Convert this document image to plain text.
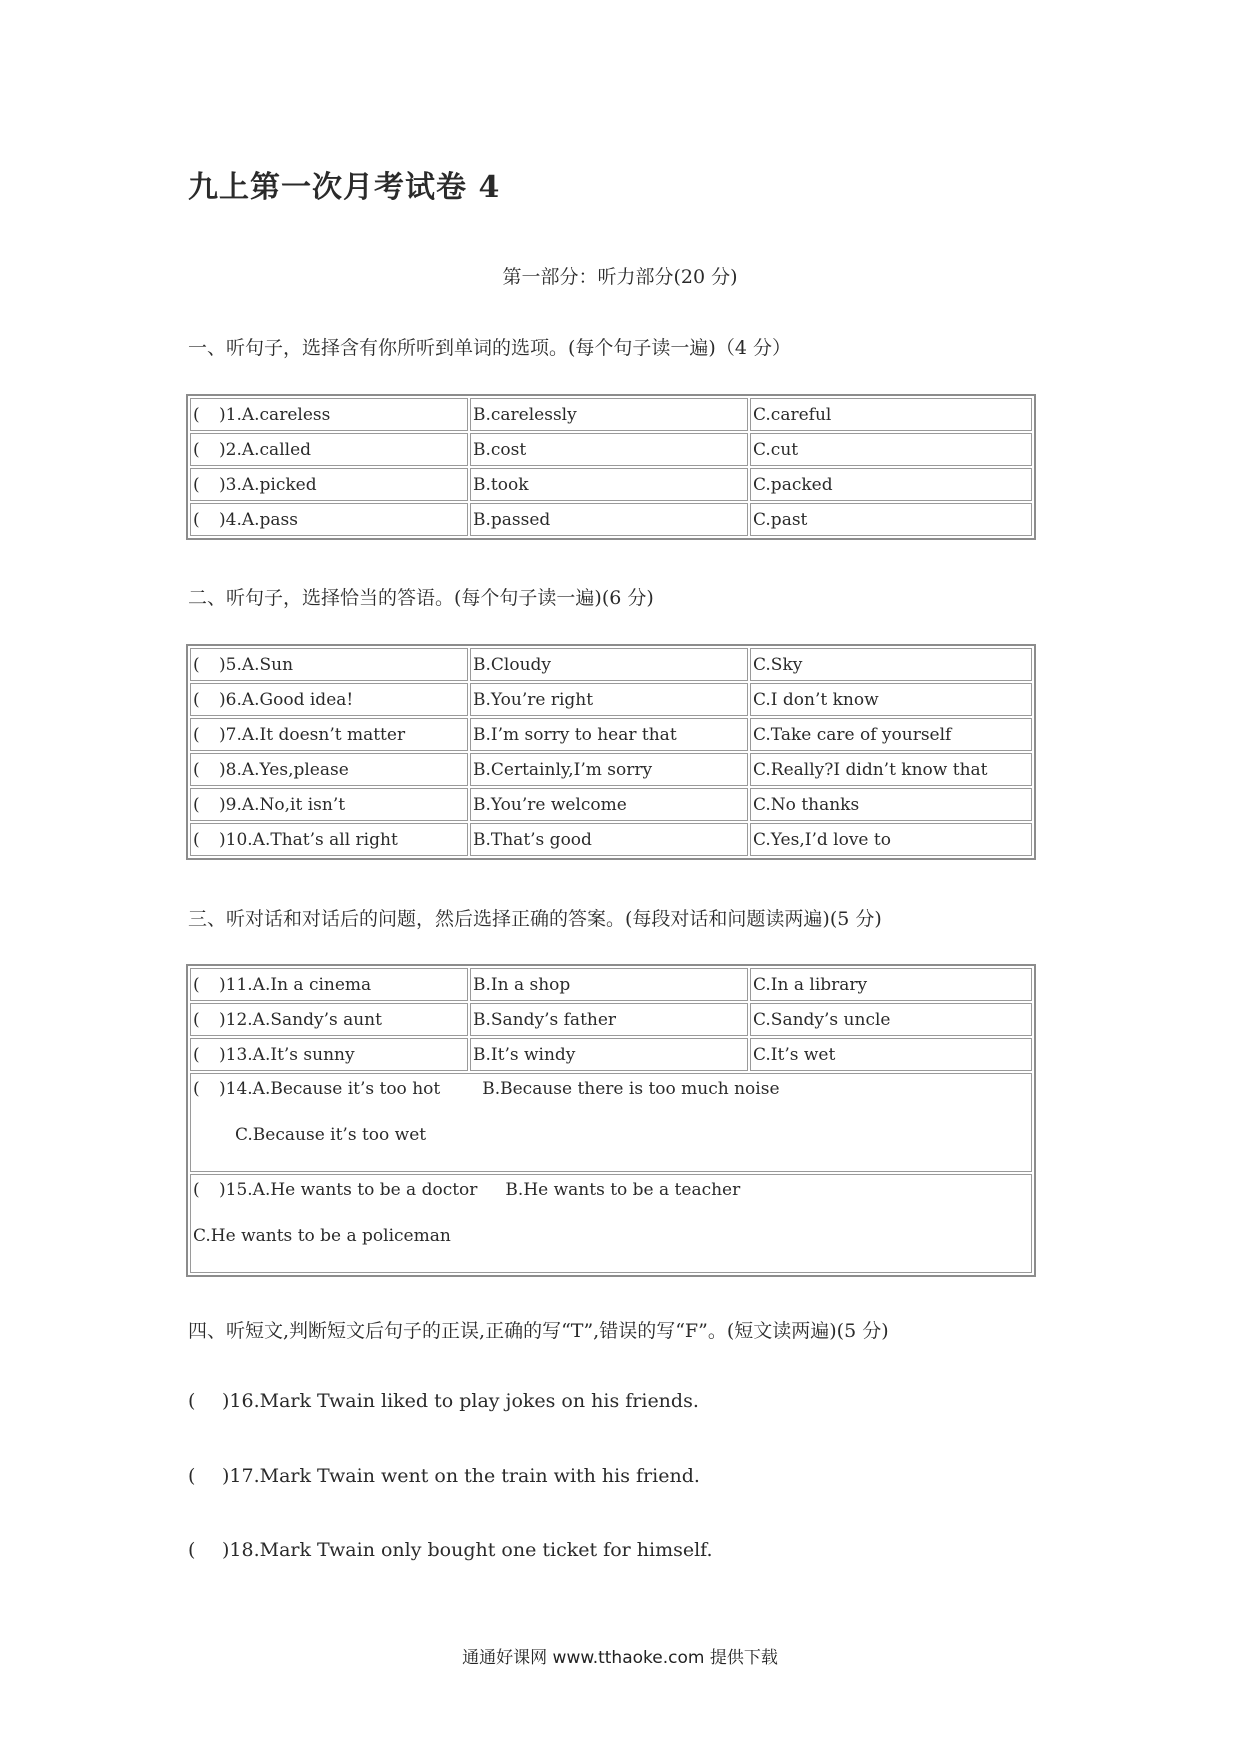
九上第一次月考试卷 4
第一部分：听力部分(20 分)
一、听句子，选择含有你所听到单词的选项。(每个句子读一遍)（4 分）
( )1.A.careless	B.carelessly	C.careful
( )2.A.called	B.cost	C.cut
( )3.A.picked	B.took	C.packed
( )4.A.pass	B.passed	C.past
二、听句子，选择恰当的答语。(每个句子读一遍)(6 分)
( )5.A.Sun	B.Cloudy	C.Sky
( )6.A.Good idea!	B.You’re right	C.I don’t know
( )7.A.It doesn’t matter	B.I’m sorry to hear that	C.Take care of yourself
( )8.A.Yes,please	B.Certainly,I’m sorry	C.Really?I didn’t know that
( )9.A.No,it isn’t	B.You’re welcome	C.No thanks
( )10.A.That’s all right	B.That’s good	C.Yes,I’d love to
三、听对话和对话后的问题，然后选择正确的答案。(每段对话和问题读两遍)(5 分)
( )11.A.In a cinema	B.In a shop	C.In a library
( )12.A.Sandy’s aunt	B.Sandy’s father	C.Sandy’s uncle
( )13.A.It’s sunny	B.It’s windy	C.It’s wet
( )14.A.Because it’s too hot B.Because there is too much noise
C.Because it’s too wet		

( )15.A.He wants to be a doctor B.He wants to be a teacher
C.He wants to be a policeman		
四、听短文,判断短文后句子的正误,正确的写“T”,错误的写“F”。(短文读两遍)(5 分)
( )16.Mark Twain liked to play jokes on his friends.
( )17.Mark Twain went on the train with his friend.
( )18.Mark Twain only bought one ticket for himself.
通通好课网 www.tthaoke.com 提供下载
